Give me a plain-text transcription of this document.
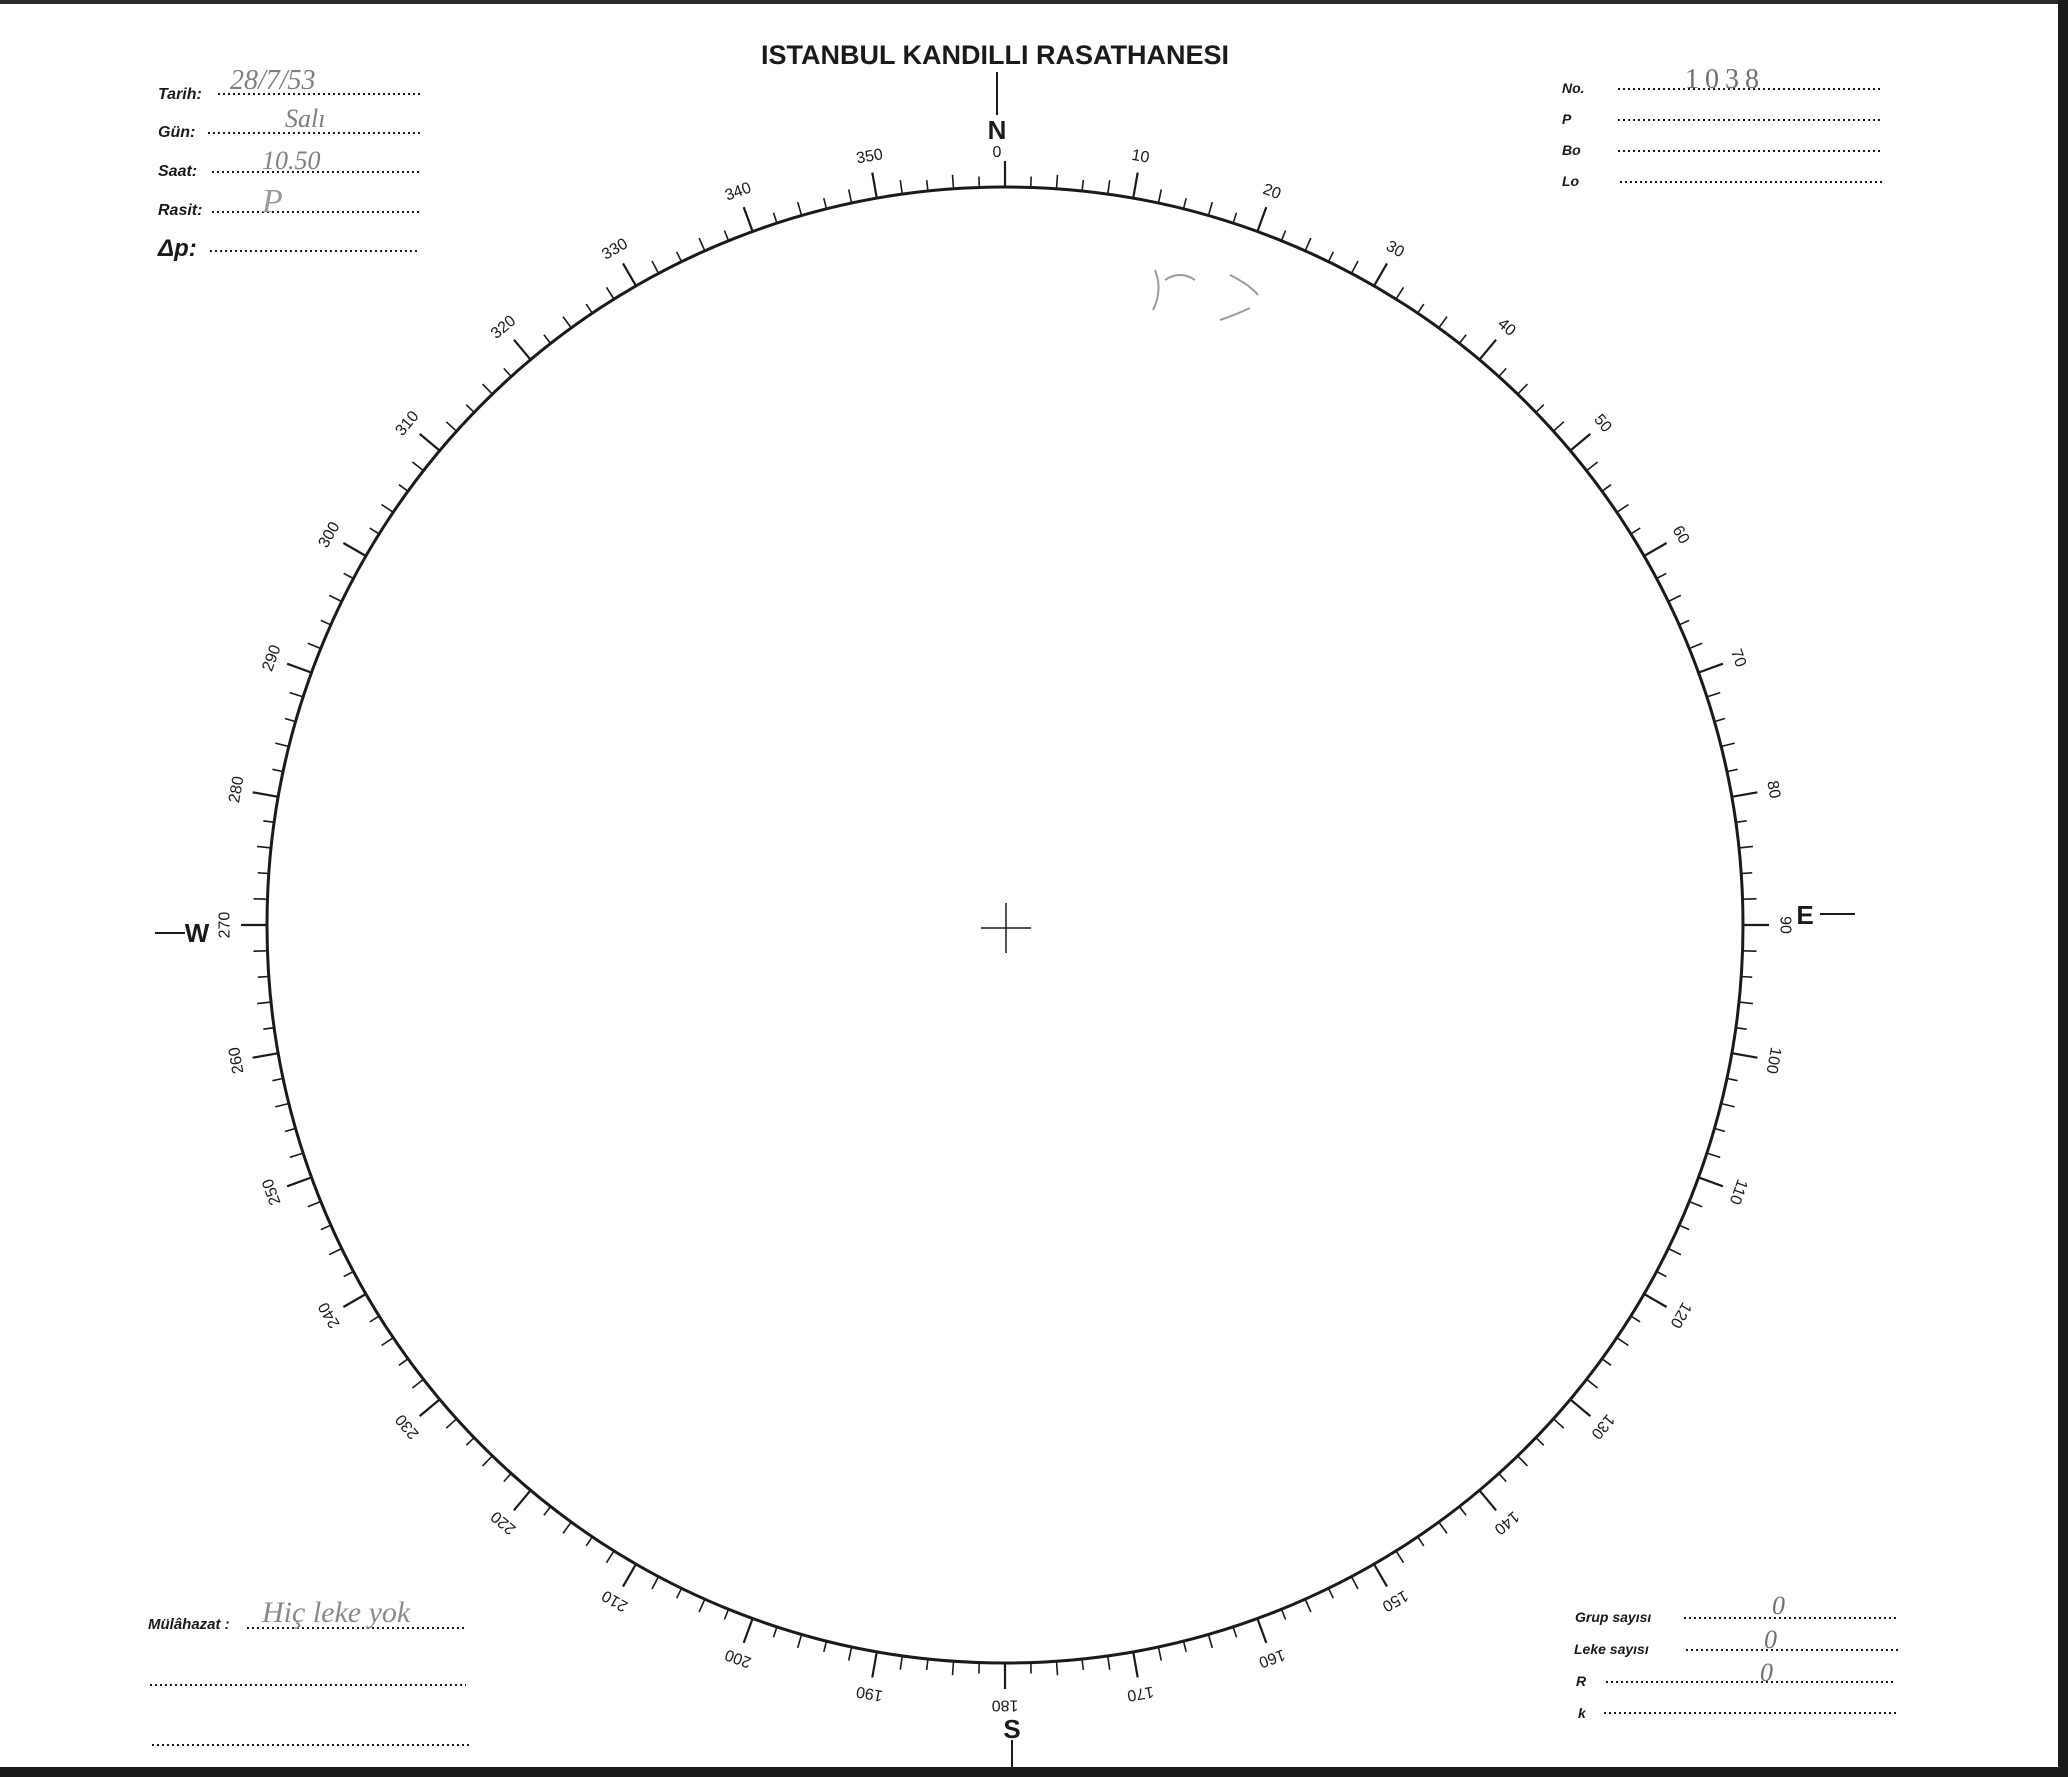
ISTANBUL KANDILLI RASATHANESI
10
20
30
40
50
60
70
80
90
100
110
120
130
140
150
160
170
180
190
200
210
220
230
240
250
260
270
280
290
300
310
320
330
340
350
N
0
S
W
E
Tarih: 28/7/53
Gün:	Salı
Saat: 10.50
Rasit: P
Δp:
No.	1038
P
Bo
Lo
Mülâhazat : Hiç leke yok	Grup sayısı	0
Leke sayısı	0
R	0
k
